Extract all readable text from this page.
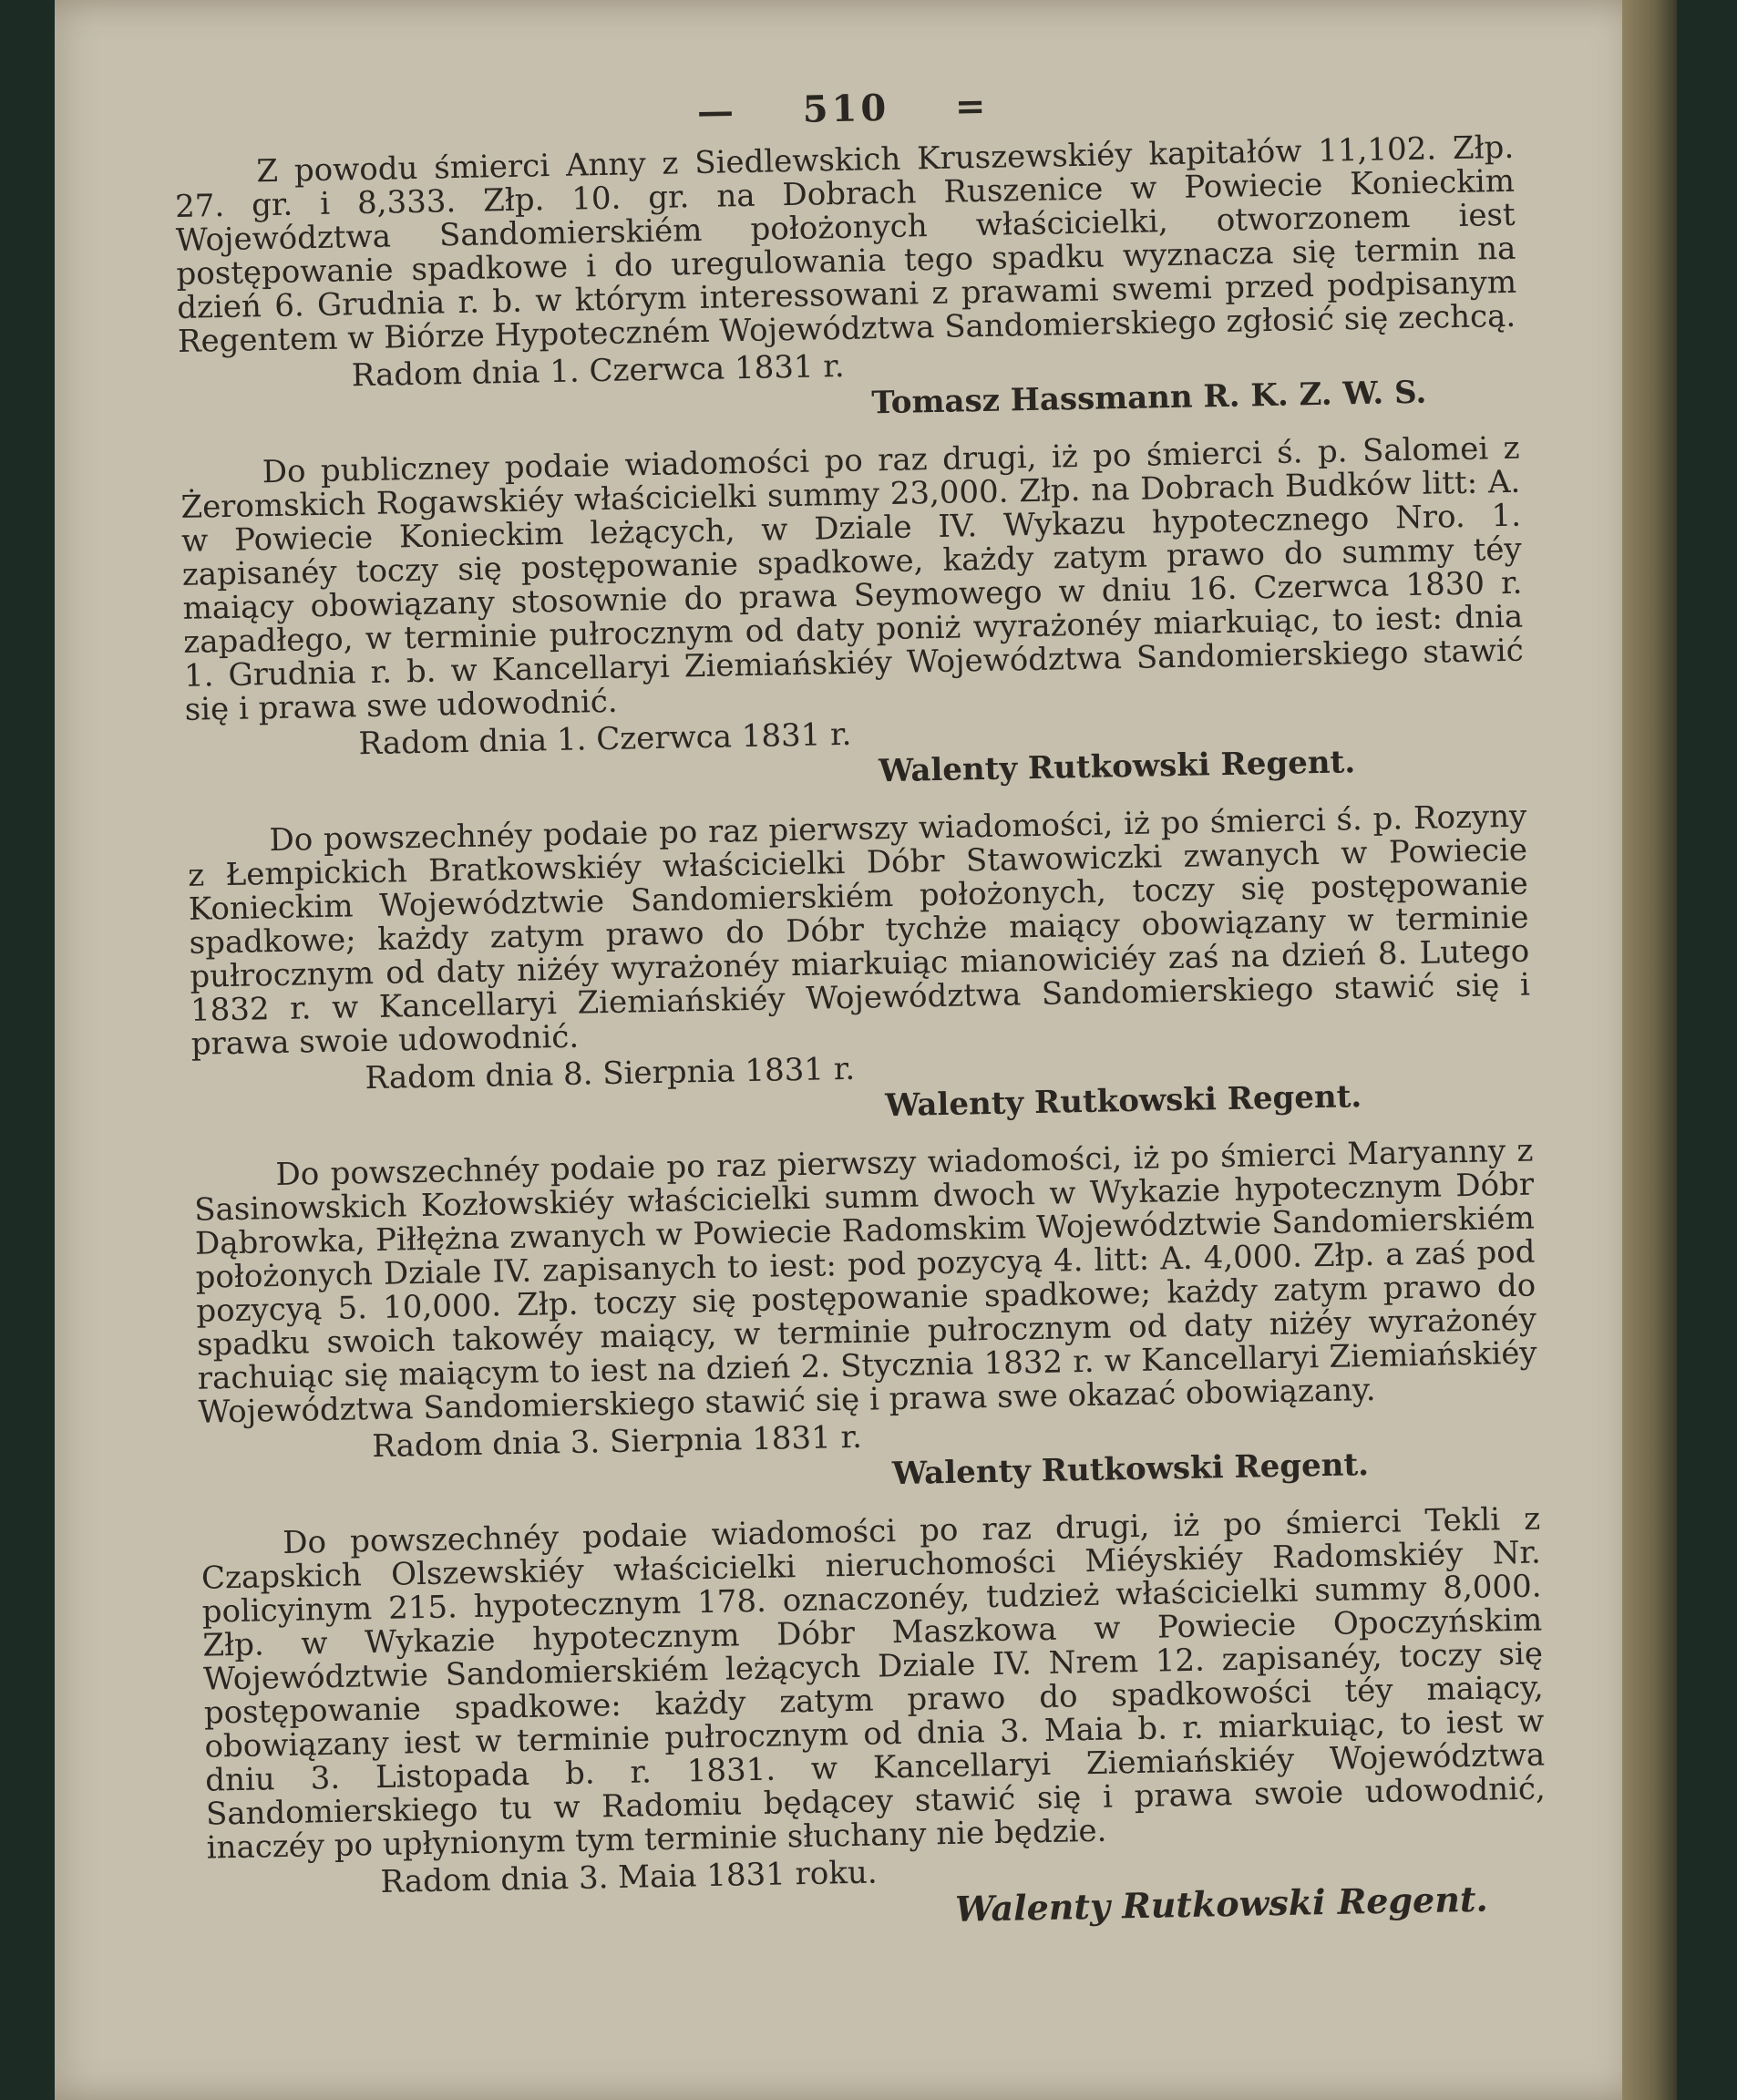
— 510 =

Z powodu śmierci Anny z Siedlewskich Kruszewskiéy kapitałów 11,102. Złp. 27. gr. i 8,333. Złp. 10. gr. na Dobrach Ruszenice w Powiecie Konieckim Województwa Sandomierskiém położonych właścicielki, otworzonem iest postępowanie spadkowe i do uregulowania tego spadku wyznacza się termin na dzień 6. Grudnia r. b. w którym interessowani z prawami swemi przed podpisanym Regentem w Biórze Hypoteczném Województwa Sandomierskiego zgłosić się zechcą.

Radom dnia 1. Czerwca 1831 r.
Tomasz Hassmann R. K. Z. W. S.

Do publiczney podaie wiadomości po raz drugi, iż po śmierci ś. p. Salomei z Żeromskich Rogawskiéy właścicielki summy 23,000. Złp. na Dobrach Budków litt: A. w Powiecie Konieckim leżących, w Dziale IV. Wykazu hypotecznego Nro. 1. zapisanéy toczy się postępowanie spadkowe, każdy zatym prawo do summy téy maiący obowiązany stosownie do prawa Seymowego w dniu 16. Czerwca 1830 r. zapadłego, w terminie pułrocznym od daty poniż wyrażonéy miarkuiąc, to iest: dnia 1. Grudnia r. b. w Kancellaryi Ziemiańskiéy Województwa Sandomierskiego stawić się i prawa swe udowodnić.

Radom dnia 1. Czerwca 1831 r.
Walenty Rutkowski Regent.

Do powszechnéy podaie po raz pierwszy wiadomości, iż po śmierci ś. p. Rozyny z Łempickich Bratkowskiéy właścicielki Dóbr Stawowiczki zwanych w Powiecie Konieckim Województwie Sandomierskiém położonych, toczy się postępowanie spadkowe; każdy zatym prawo do Dóbr tychże maiący obowiązany w terminie pułrocznym od daty niżéy wyrażonéy miarkuiąc mianowiciéy zaś na dzień 8. Lutego 1832 r. w Kancellaryi Ziemiańskiéy Województwa Sandomierskiego stawić się i prawa swoie udowodnić.

Radom dnia 8. Sierpnia 1831 r.
Walenty Rutkowski Regent.

Do powszechnéy podaie po raz pierwszy wiadomości, iż po śmierci Maryanny z Sasinowskich Kozłowskiéy właścicielki summ dwoch w Wykazie hypotecznym Dóbr Dąbrowka, Piłłężna zwanych w Powiecie Radomskim Województwie Sandomierskiém położonych Dziale IV. zapisanych to iest: pod pozycyą 4. litt: A. 4,000. Złp. a zaś pod pozycyą 5. 10,000. Złp. toczy się postępowanie spadkowe; każdy zatym prawo do spadku swoich takowéy maiący, w terminie pułrocznym od daty niżéy wyrażonéy rachuiąc się maiącym to iest na dzień 2. Stycznia 1832 r. w Kancellaryi Ziemiańskiéy Województwa Sandomierskiego stawić się i prawa swe okazać obowiązany.

Radom dnia 3. Sierpnia 1831 r.
Walenty Rutkowski Regent.

Do powszechnéy podaie wiadomości po raz drugi, iż po śmierci Tekli z Czapskich Olszewskiéy właścicielki nieruchomości Miéyskiéy Radomskiéy Nr. policyinym 215. hypotecznym 178. oznaczonéy, tudzież właścicielki summy 8,000. Złp. w Wykazie hypotecznym Dóbr Maszkowa w Powiecie Opoczyńskim Województwie Sandomierskiém leżących Dziale IV. Nrem 12. zapisanéy, toczy się postępowanie spadkowe: każdy zatym prawo do spadkowości téy maiący, obowiązany iest w terminie pułrocznym od dnia 3. Maia b. r. miarkuiąc, to iest w dniu 3. Listopada b. r. 1831. w Kancellaryi Ziemiańskiéy Województwa Sandomierskiego tu w Radomiu będącey stawić się i prawa swoie udowodnić, inaczéy po upłynionym tym terminie słuchany nie będzie.

Radom dnia 3. Maia 1831 roku.
Walenty Rutkowski Regent.
